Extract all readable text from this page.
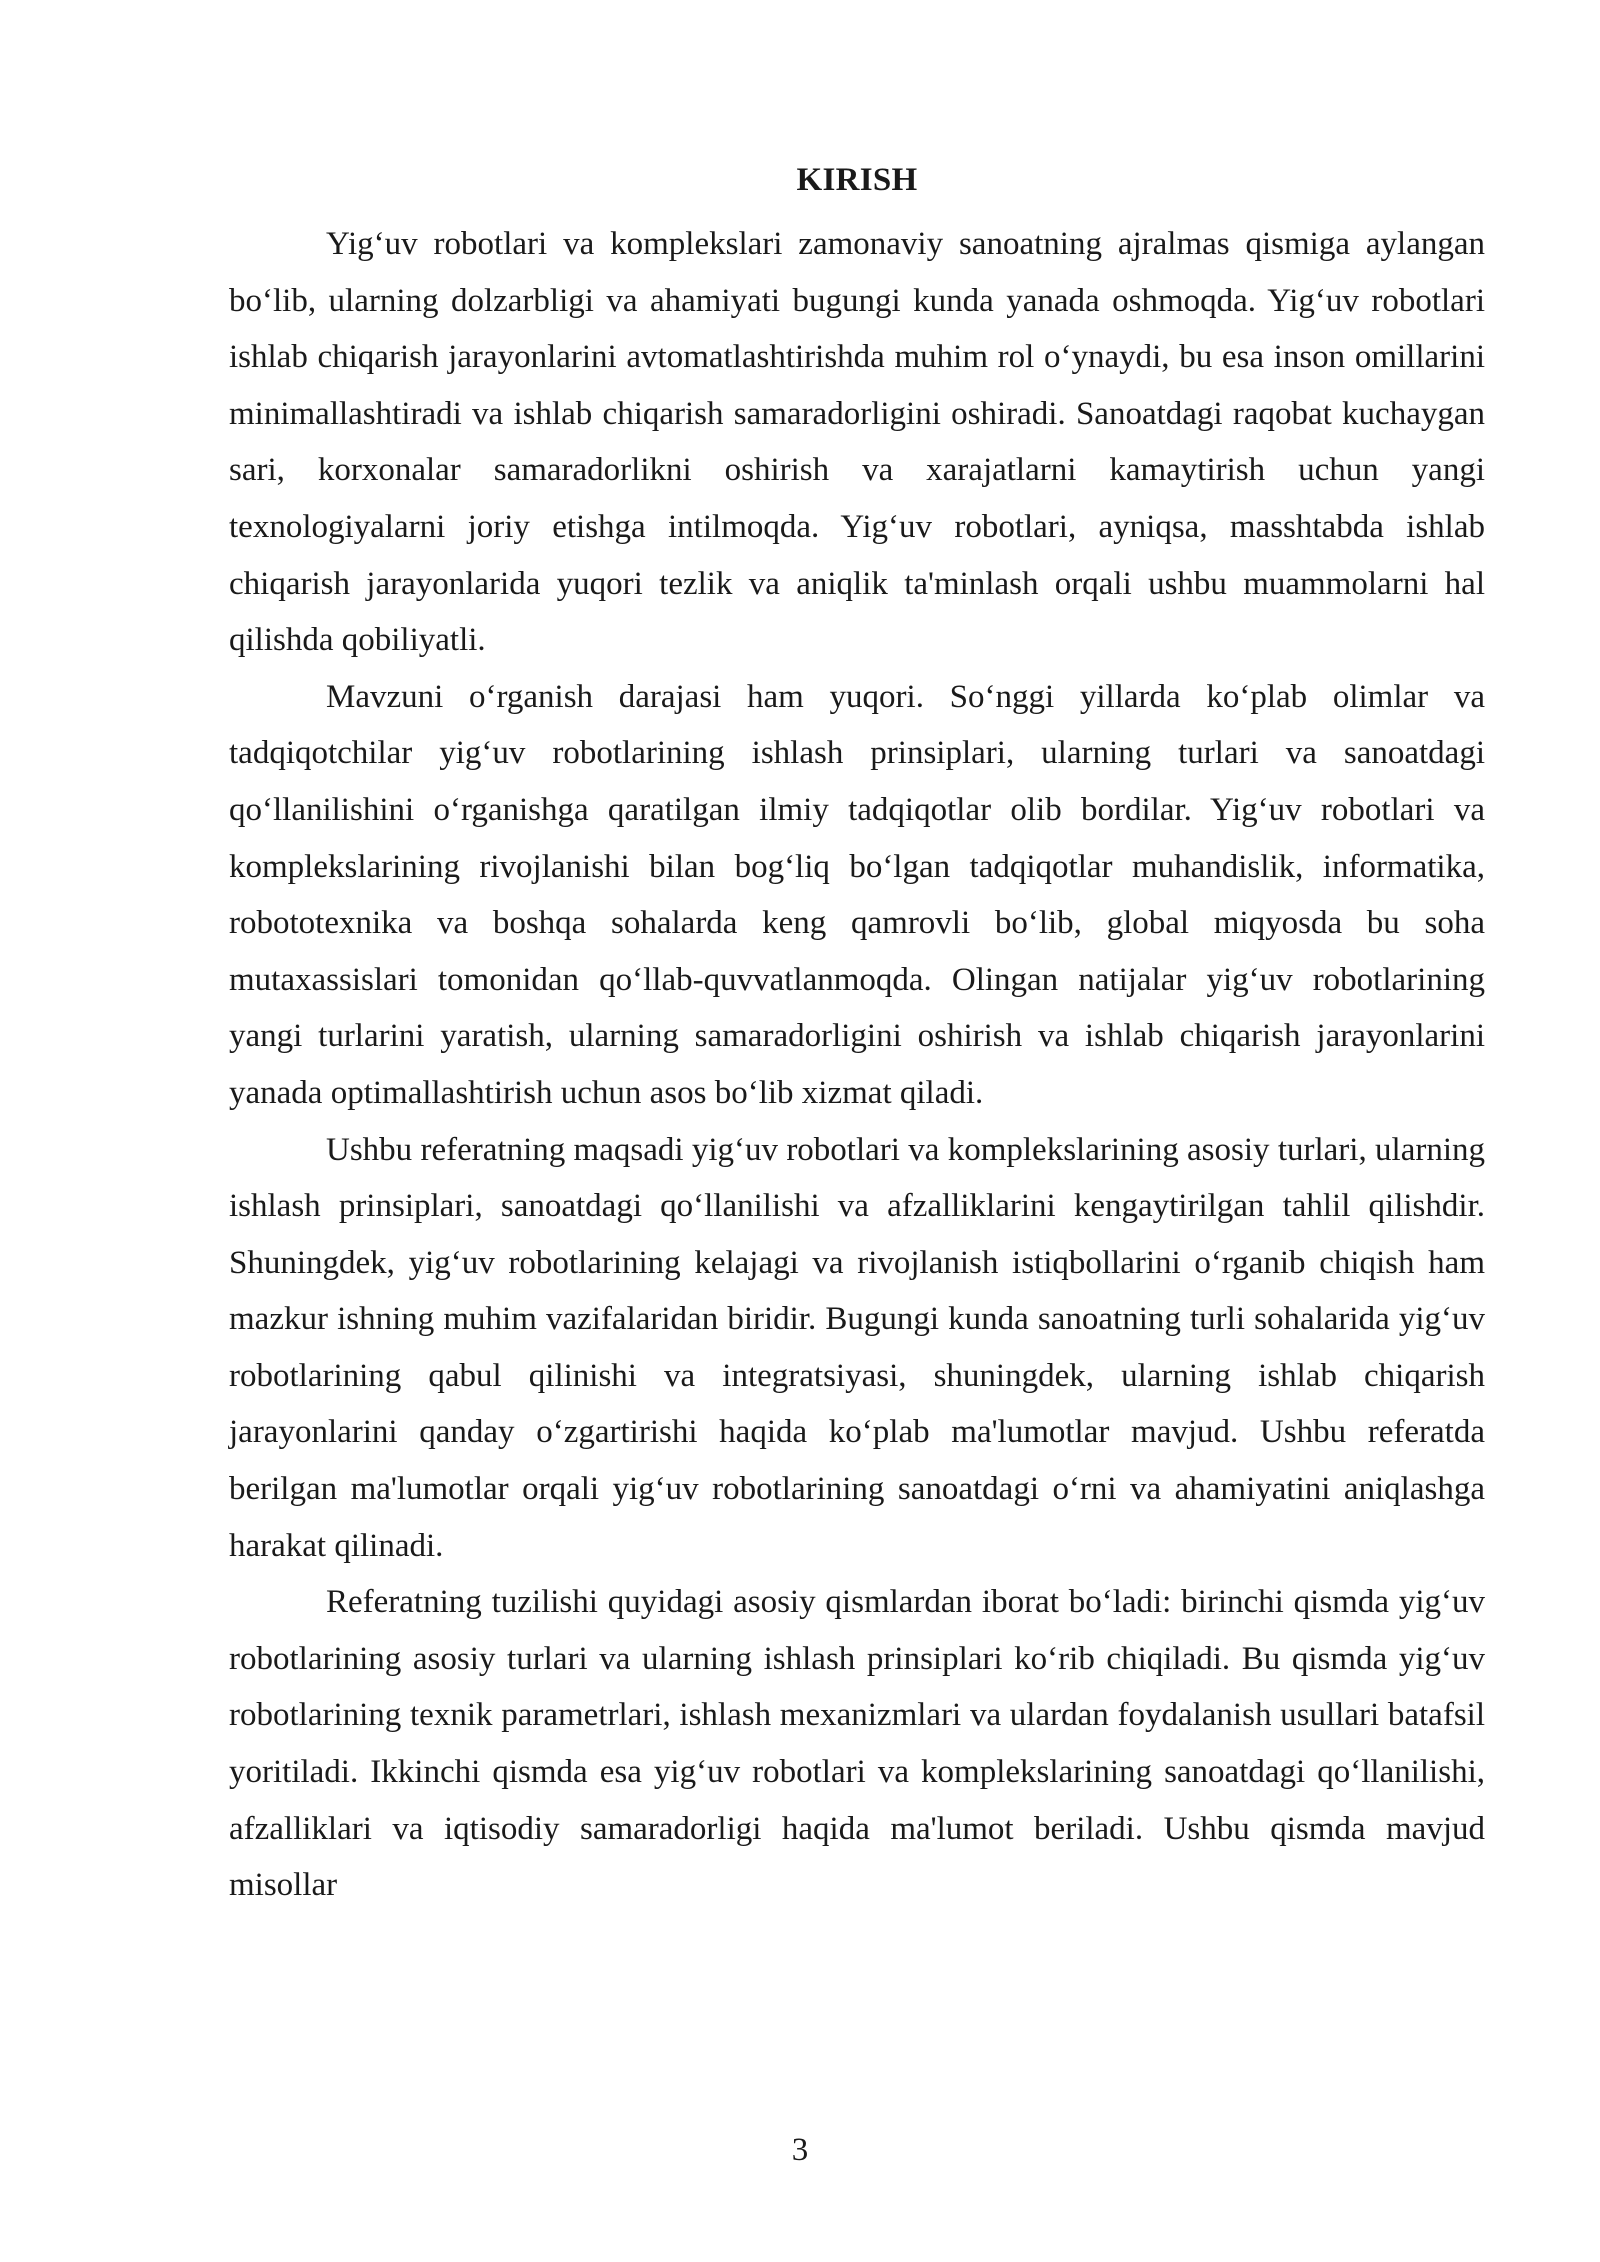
KIRISH

Yig‘uv robotlari va komplekslari zamonaviy sanoatning ajralmas qismiga aylangan bo‘lib, ularning dolzarbligi va ahamiyati bugungi kunda yanada oshmoqda. Yig‘uv robotlari ishlab chiqarish jarayonlarini avtomatlashtirishda muhim rol o‘ynaydi, bu esa inson omillarini minimallashtiradi va ishlab chiqarish samaradorligini oshiradi. Sanoatdagi raqobat kuchaygan sari, korxonalar samaradorlikni oshirish va xarajatlarni kamaytirish uchun yangi texnologiyalarni joriy etishga intilmoqda. Yig‘uv robotlari, ayniqsa, masshtabda ishlab chiqarish jarayonlarida yuqori tezlik va aniqlik ta'minlash orqali ushbu muammolarni hal qilishda qobiliyatli.

Mavzuni o‘rganish darajasi ham yuqori. So‘nggi yillarda ko‘plab olimlar va tadqiqotchilar yig‘uv robotlarining ishlash prinsiplari, ularning turlari va sanoatdagi qo‘llanilishini o‘rganishga qaratilgan ilmiy tadqiqotlar olib bordilar. Yig‘uv robotlari va komplekslarining rivojlanishi bilan bog‘liq bo‘lgan tadqiqotlar muhandislik, informatika, robototexnika va boshqa sohalarda keng qamrovli bo‘lib, global miqyosda bu soha mutaxassislari tomonidan qo‘llab-quvvatlanmoqda. Olingan natijalar yig‘uv robotlarining yangi turlarini yaratish, ularning samaradorligini oshirish va ishlab chiqarish jarayonlarini yanada optimallashtirish uchun asos bo‘lib xizmat qiladi.

Ushbu referatning maqsadi yig‘uv robotlari va komplekslarining asosiy turlari, ularning ishlash prinsiplari, sanoatdagi qo‘llanilishi va afzalliklarini kengaytirilgan tahlil qilishdir. Shuningdek, yig‘uv robotlarining kelajagi va rivojlanish istiqbollarini o‘rganib chiqish ham mazkur ishning muhim vazifalaridan biridir. Bugungi kunda sanoatning turli sohalarida yig‘uv robotlarining qabul qilinishi va integratsiyasi, shuningdek, ularning ishlab chiqarish jarayonlarini qanday o‘zgartirishi haqida ko‘plab ma'lumotlar mavjud. Ushbu referatda berilgan ma'lumotlar orqali yig‘uv robotlarining sanoatdagi o‘rni va ahamiyatini aniqlashga harakat qilinadi.

Referatning tuzilishi quyidagi asosiy qismlardan iborat bo‘ladi: birinchi qismda yig‘uv robotlarining asosiy turlari va ularning ishlash prinsiplari ko‘rib chiqiladi. Bu qismda yig‘uv robotlarining texnik parametrlari, ishlash mexanizmlari va ulardan foydalanish usullari batafsil yoritiladi. Ikkinchi qismda esa yig‘uv robotlari va komplekslarining sanoatdagi qo‘llanilishi, afzalliklari va iqtisodiy samaradorligi haqida ma'lumot beriladi. Ushbu qismda mavjud misollar

3
